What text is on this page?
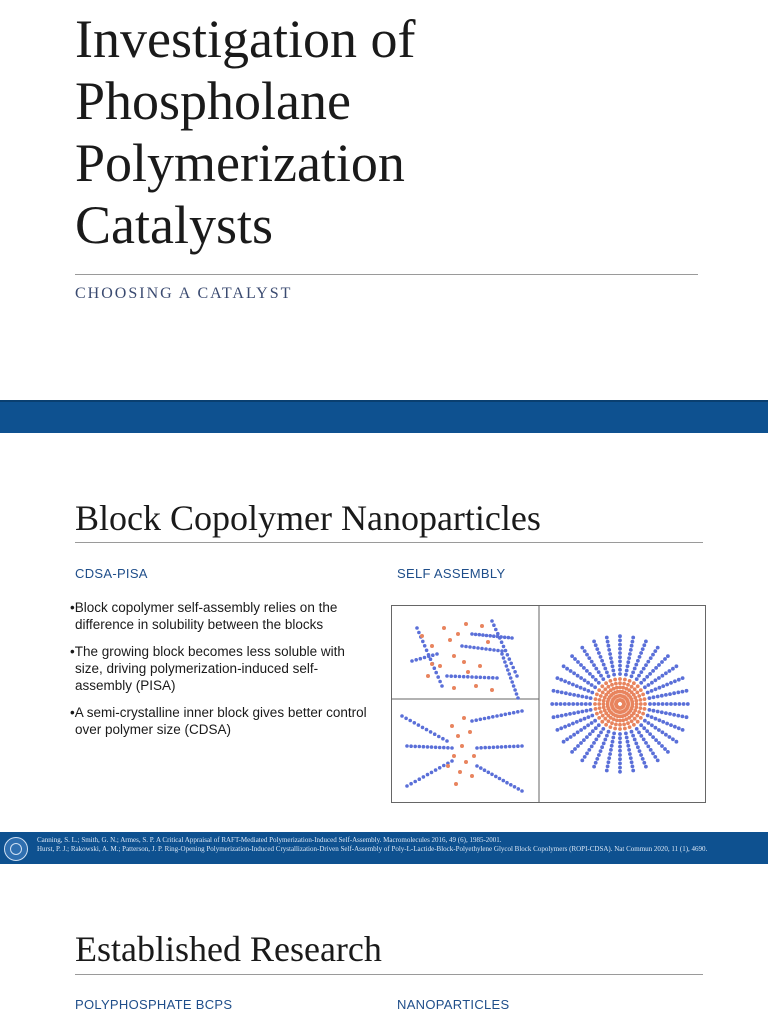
Investigation of
Phospholane
Polymerization
Catalysts

CHOOSING A CATALYST

Block Copolymer Nanoparticles
CDSA-PISA	SELF ASSEMBLY
•Block copolymer self-assembly relies on the difference in solubility between the blocks
•The growing block becomes less soluble with size, driving polymerization-induced self-assembly (PISA)
•A semi-crystalline inner block gives better control over polymer size (CDSA)
Canning, S. L.; Smith, G. N.; Armes, S. P. A Critical Appraisal of RAFT-Mediated Polymerization-Induced Self-Assembly. Macromolecules 2016, 49 (6), 1985-2001.
Hurst, P. J.; Rakowski, A. M.; Patterson, J. P. Ring-Opening Polymerization-Induced Crystallization-Driven Self-Assembly of Poly-L-Lactide-Block-Polyethylene Glycol Block Copolymers (ROPI-CDSA). Nat Commun 2020, 11 (1), 4690.
Established Research
POLYPHOSPHATE BCPS	NANOPARTICLES
